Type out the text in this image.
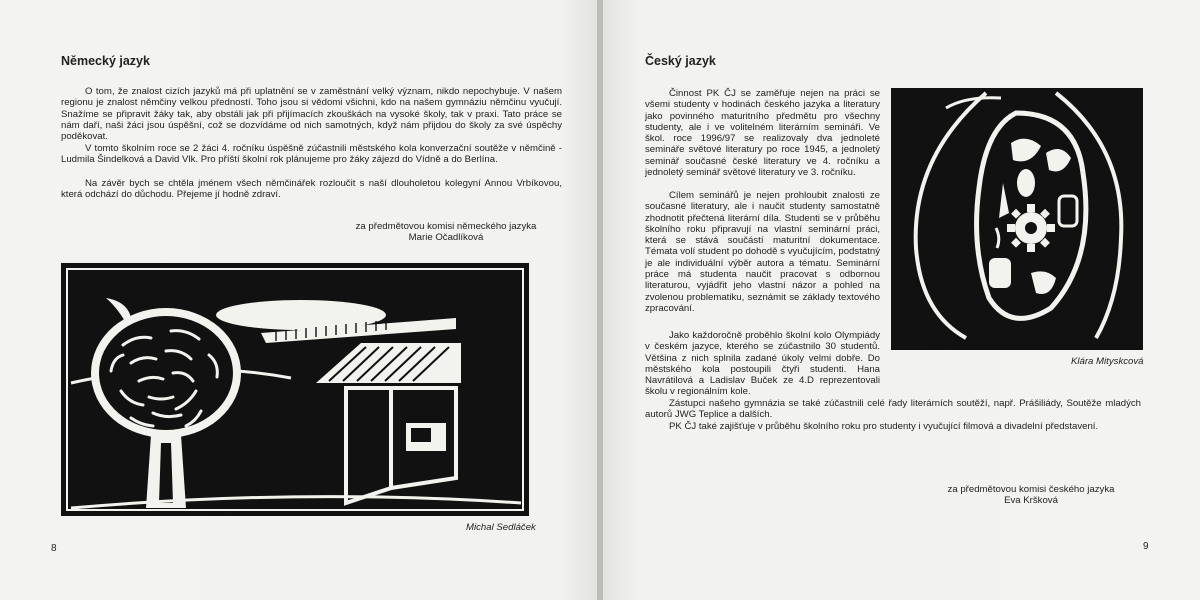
Německý jazyk

O tom, že znalost cizích jazyků má při uplatnění se v zaměstnání velký význam, nikdo nepochybuje. V našem regionu je znalost němčiny velkou předností. Toho jsou si vědomi všichni, kdo na našem gymnáziu němčinu vyučují. Snažíme se připravit žáky tak, aby obstáli jak při přijímacích zkouškách na vysoké školy, tak v praxi. Tato práce se nám daří, naši žáci jsou úspěšní, což se dozvídáme od nich samotných, když nám přijdou do školy za své úspěchy poděkovat.

V tomto školním roce se 2 žáci 4. ročníku úspěšně zúčastnili městského kola konverzační soutěže v němčině - Ludmila Šindelková a David Vlk. Pro příští školní rok plánujeme pro žáky zájezd do Vídně a do Berlína.

Na závěr bych se chtěla jménem všech němčinářek rozloučit s naší dlouholetou kolegyní Annou Vrbíkovou, která odchází do důchodu. Přejeme jí hodně zdraví.

za předmětovou komisi německého jazyka
Marie Očadlíková

Michal Sedláček

8

Český jazyk

Činnost PK ČJ se zaměřuje nejen na práci se všemi studenty v hodinách českého jazyka a literatury jako povinného maturitního předmětu pro všechny studenty, ale i ve volitelném literárním semináři. Ve škol. roce 1996/97 se realizovaly dva jednoleté semináře světové literatury po roce 1945, a jednoletý seminář současné české literatury ve 4. ročníku a jednoletý seminář světové literatury ve 3. ročníku.

Cílem seminářů je nejen prohloubit znalosti ze současné literatury, ale i naučit studenty samostatně zhodnotit přečtená literární díla. Studenti se v průběhu školního roku připravují na vlastní seminární práci, která se stává součástí maturitní dokumentace. Témata volí student po dohodě s vyučujícím, podstatný je ale individuální výběr autora a tématu. Seminární práce má studenta naučit pracovat s odbornou literaturou, vyjádřit jeho vlastní názor a pohled na zvolenou problematiku, seznámit se základy textového zpracování.

Jako každoročně proběhlo školní kolo Olympiády v českém jazyce, kterého se zúčastnilo 30 studentů. Většina z nich splnila zadané úkoly velmi dobře. Do městského kola postoupili čtyři studenti. Hana Navrátilová a Ladislav Buček ze 4.D reprezentovali školu v regionálním kole.

Zástupci našeho gymnázia se také zúčastnili celé řady literárních soutěží, např. Prášiliády, Soutěže mladých autorů JWG Teplice a dalších.

PK ČJ také zajišťuje v průběhu školního roku pro studenty i vyučující filmová a divadelní představení.

Klára Mityskcová

za předmětovou komisi českého jazyka
Eva Kršková

9
